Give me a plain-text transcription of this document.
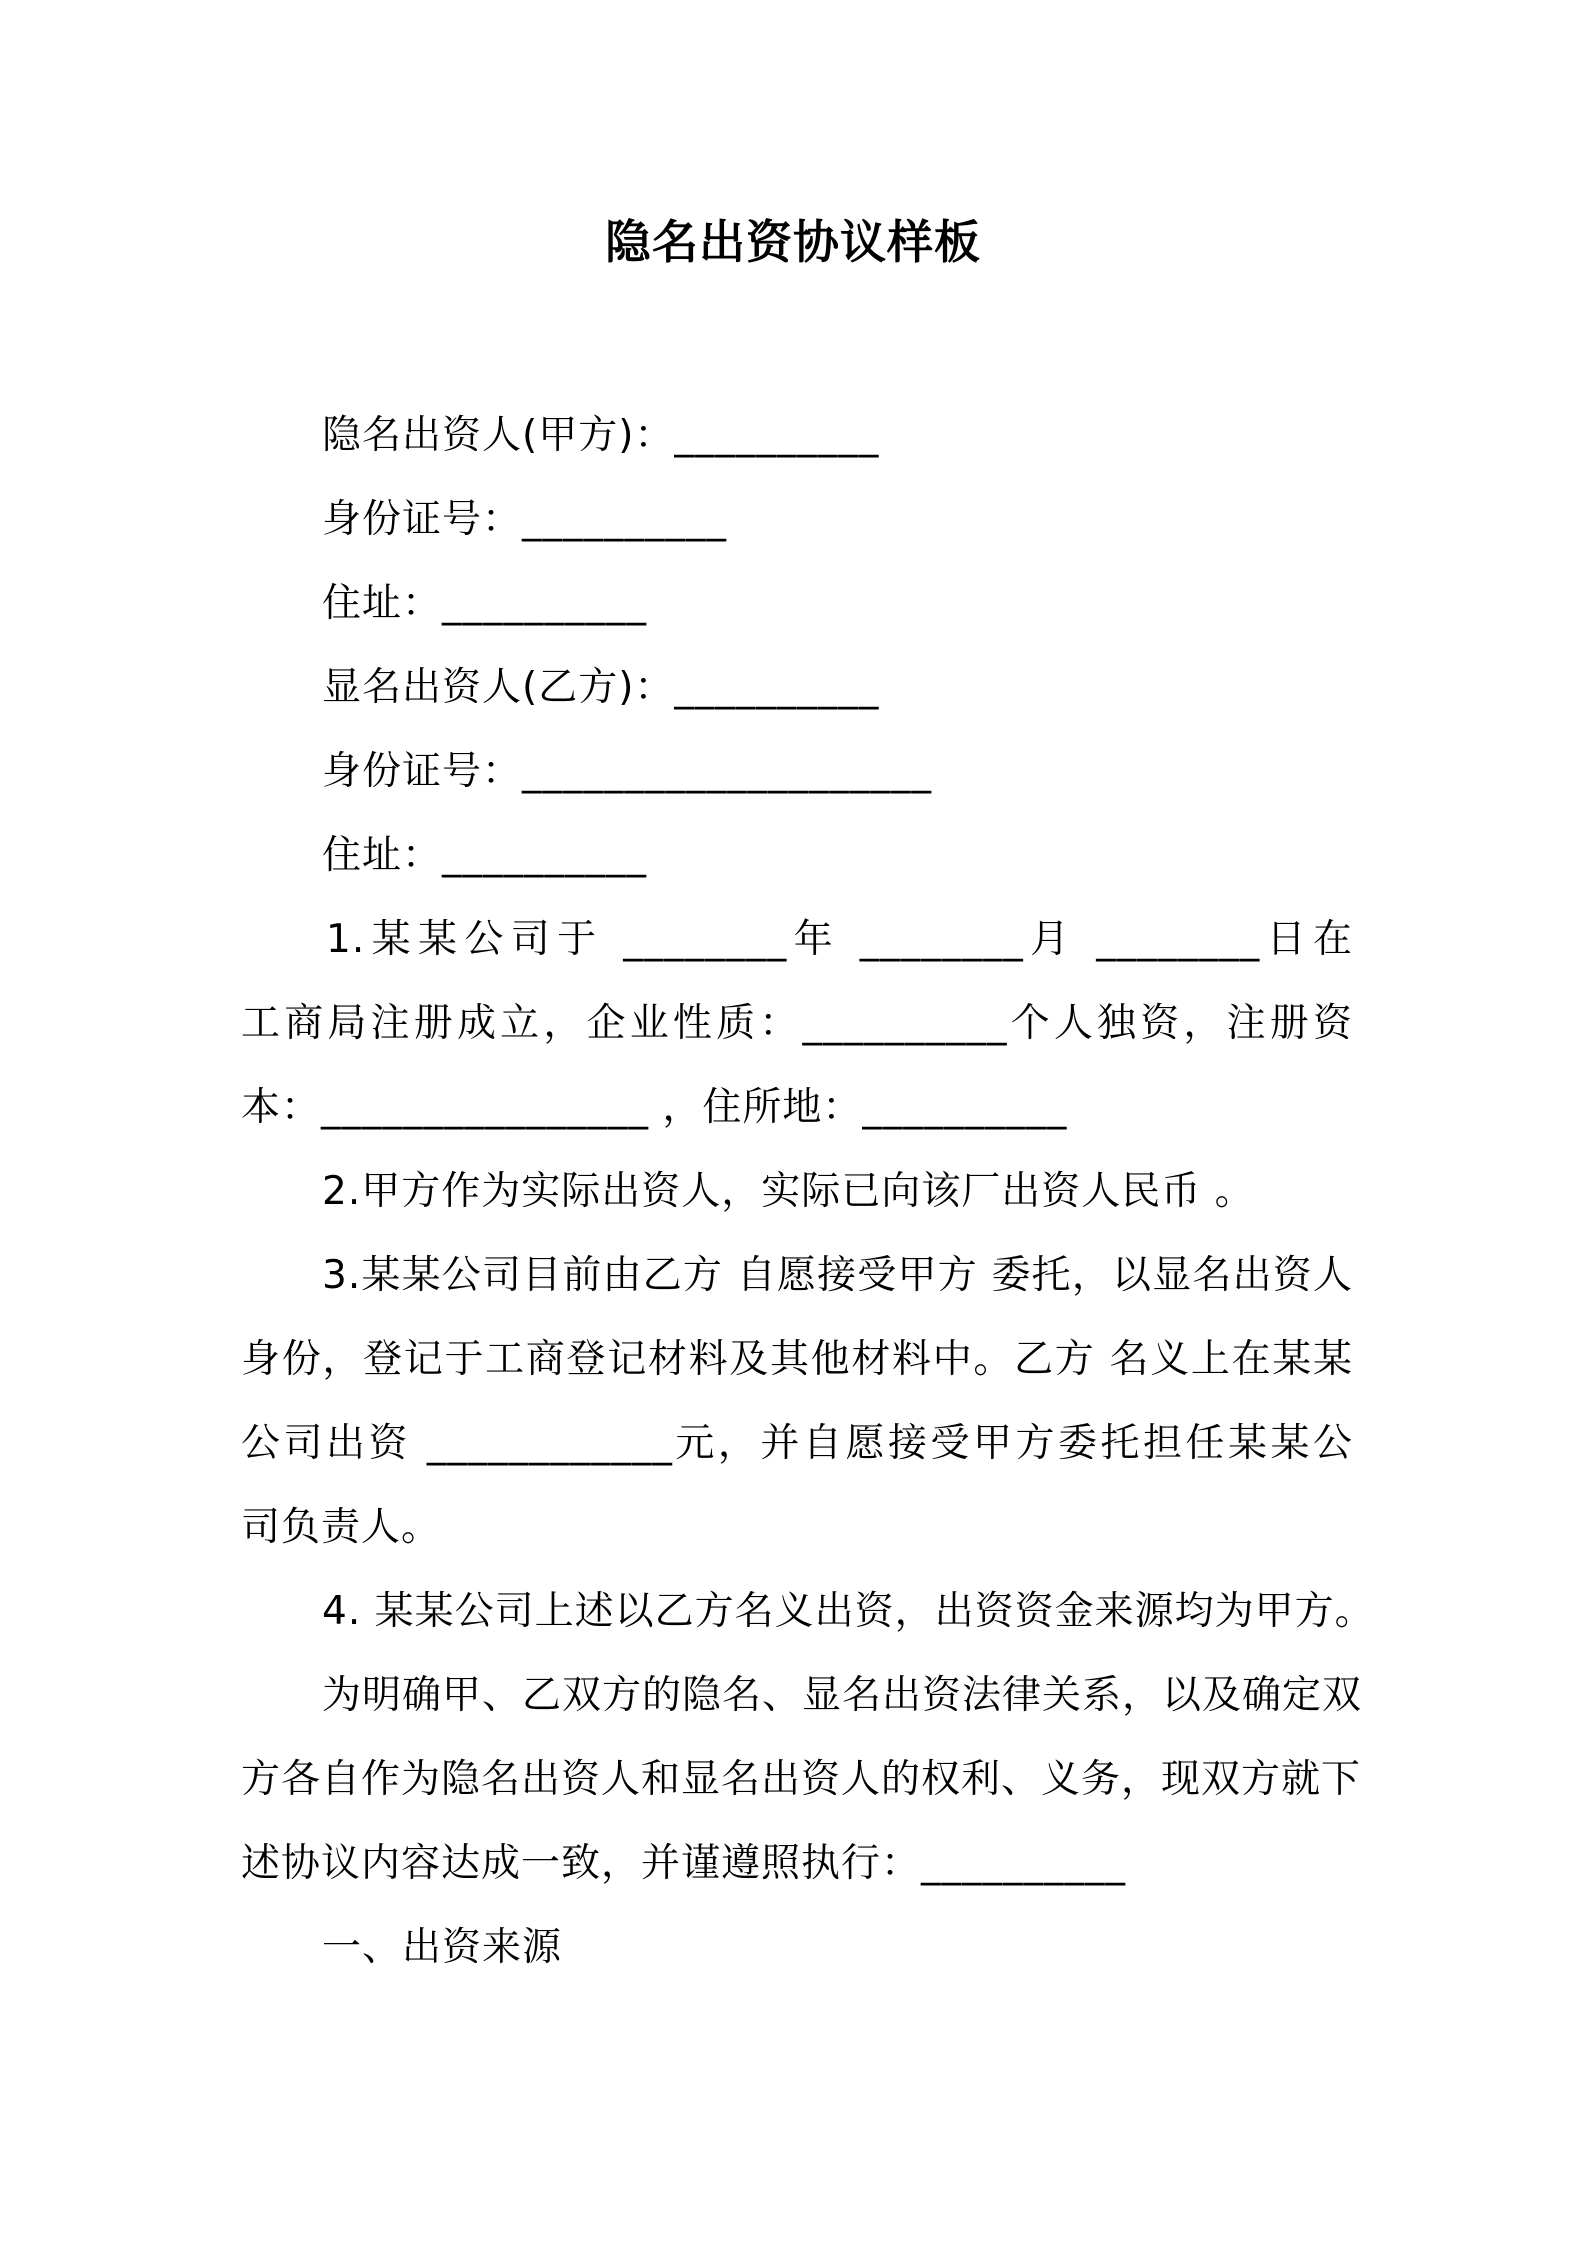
隐名出资协议样板
隐名出资人(甲方)：__________
身份证号：__________
住址：__________
显名出资人(乙方)：__________
身份证号：____________________
住址：__________
1.某某公司于 ________年 ________月 ________日在
工商局注册成立，企业性质：__________个人独资，注册资
本：________________ ，住所地：__________
2.甲方作为实际出资人，实际已向该厂出资人民币 。
3.某某公司目前由乙方 自愿接受甲方 委托，以显名出资人
身份，登记于工商登记材料及其他材料中。乙方 名义上在某某
公司出资 ____________元，并自愿接受甲方委托担任某某公
司负责人。
4. 某某公司上述以乙方名义出资，出资资金来源均为甲方。
为明确甲、乙双方的隐名、显名出资法律关系，以及确定双
方各自作为隐名出资人和显名出资人的权利、义务，现双方就下
述协议内容达成一致，并谨遵照执行：__________
一、出资来源
